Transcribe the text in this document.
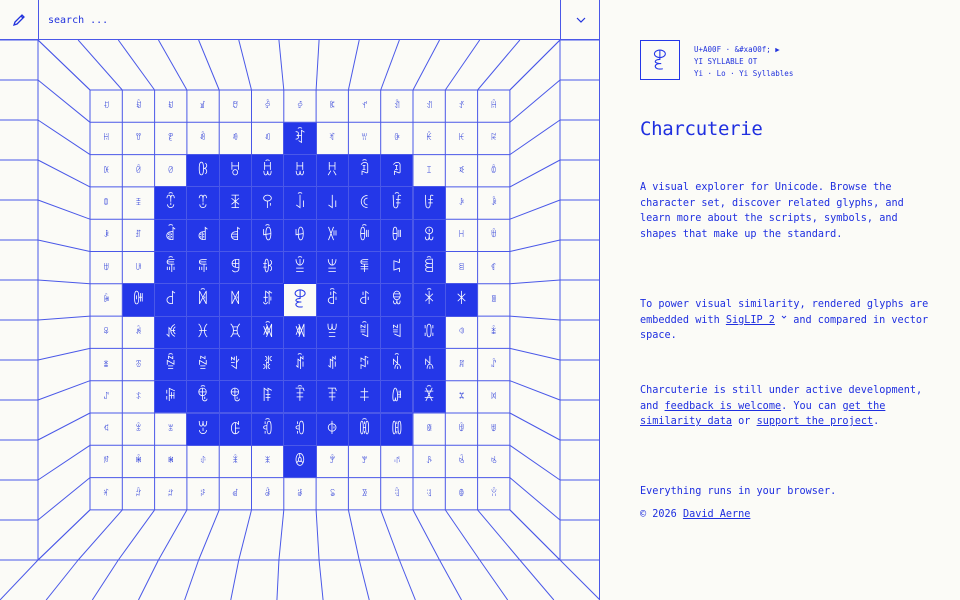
search ...
ꀀ	ꀁ	ꀂ	ꀃ	ꀄ	ꀅ	ꀆ	ꀇ	ꀈ	ꀉ	ꀊ	ꀋ	ꀌ
ꀍ	ꀎ	ꀏ	ꀐ	ꀑ	ꀒ	ꀓ	ꀔ	ꀕ	ꀖ	ꀗ	ꀘ	ꀙ
ꀚ	ꀛ	ꀜ	ꀝ	ꀞ	ꀟ	ꀠ	ꀡ	ꀢ	ꀣ	ꀤ	ꀥ	ꀦ
ꀧ	ꀨ	ꀩ	ꀪ	ꀫ	ꀬ	ꀭ	ꀮ	ꀯ	ꀰ	ꀱ	ꀲ	ꀳ
ꀴ	ꀵ	ꀶ	ꀷ	ꀸ	ꀹ	ꀺ	ꀻ	ꀼ	ꀽ	ꀾ	ꀿ	ꁀ
ꁁ	ꁂ	ꁃ	ꁄ	ꁅ	ꁆ	ꁇ	ꁈ	ꁉ	ꁊ	ꁋ	ꁌ	ꁍ
ꁎ	ꁏ	ꁐ	ꁑ	ꁒ	ꁓ ꀏ	ꁔ	ꁕ	ꁖ	ꁗ	ꁘ	ꁙ
ꁚ	ꁛ	ꁜ	ꁝ	ꁞ	ꁟ	ꁠ	ꁡ	ꁢ	ꁣ	ꁤ	ꁥ	ꁦ
ꁧ	ꁨ	ꁩ	ꁪ	ꁫ	ꁬ	ꁭ	ꁮ	ꁯ	ꁰ	ꁱ	ꁲ	ꁳ
ꁴ	ꁵ	ꁶ	ꁷ	ꁸ	ꁹ	ꁺ	ꁻ	ꁼ	ꁽ	ꁾ	ꁿ	ꂀ
ꂁ	ꂂ	ꂃ	ꂄ	ꂅ	ꂆ	ꂇ	ꂈ	ꂉ	ꂊ	ꂋ	ꂌ	ꂍ
ꂎ	ꂏ	ꂐ	ꂑ	ꂒ	ꂓ	ꂔ	ꂕ	ꂖ	ꂗ	ꂘ	ꂙ	ꂚ
ꂛ	ꂜ	ꂝ	ꂞ	ꂟ	ꂠ	ꂡ	ꂢ	ꂣ	ꂤ	ꂥ	ꂦ	ꂧ
ꀏ	U+A00F · &#xa00f; ▶
YI SYLLABLE OT
Yi · Lo · Yi Syllables
Charcuterie

A visual explorer for Unicode. Browse the character set, discover related glyphs, and learn more about the scripts, symbols, and shapes that make up the standard.

To power visual similarity, rendered glyphs are embedded with SigLIP 2  and compared in vector space.

Charcuterie is still under active development, and feedback is welcome. You can get the similarity data or support the project.

Everything runs in your browser.

© 2026 David Aerne
